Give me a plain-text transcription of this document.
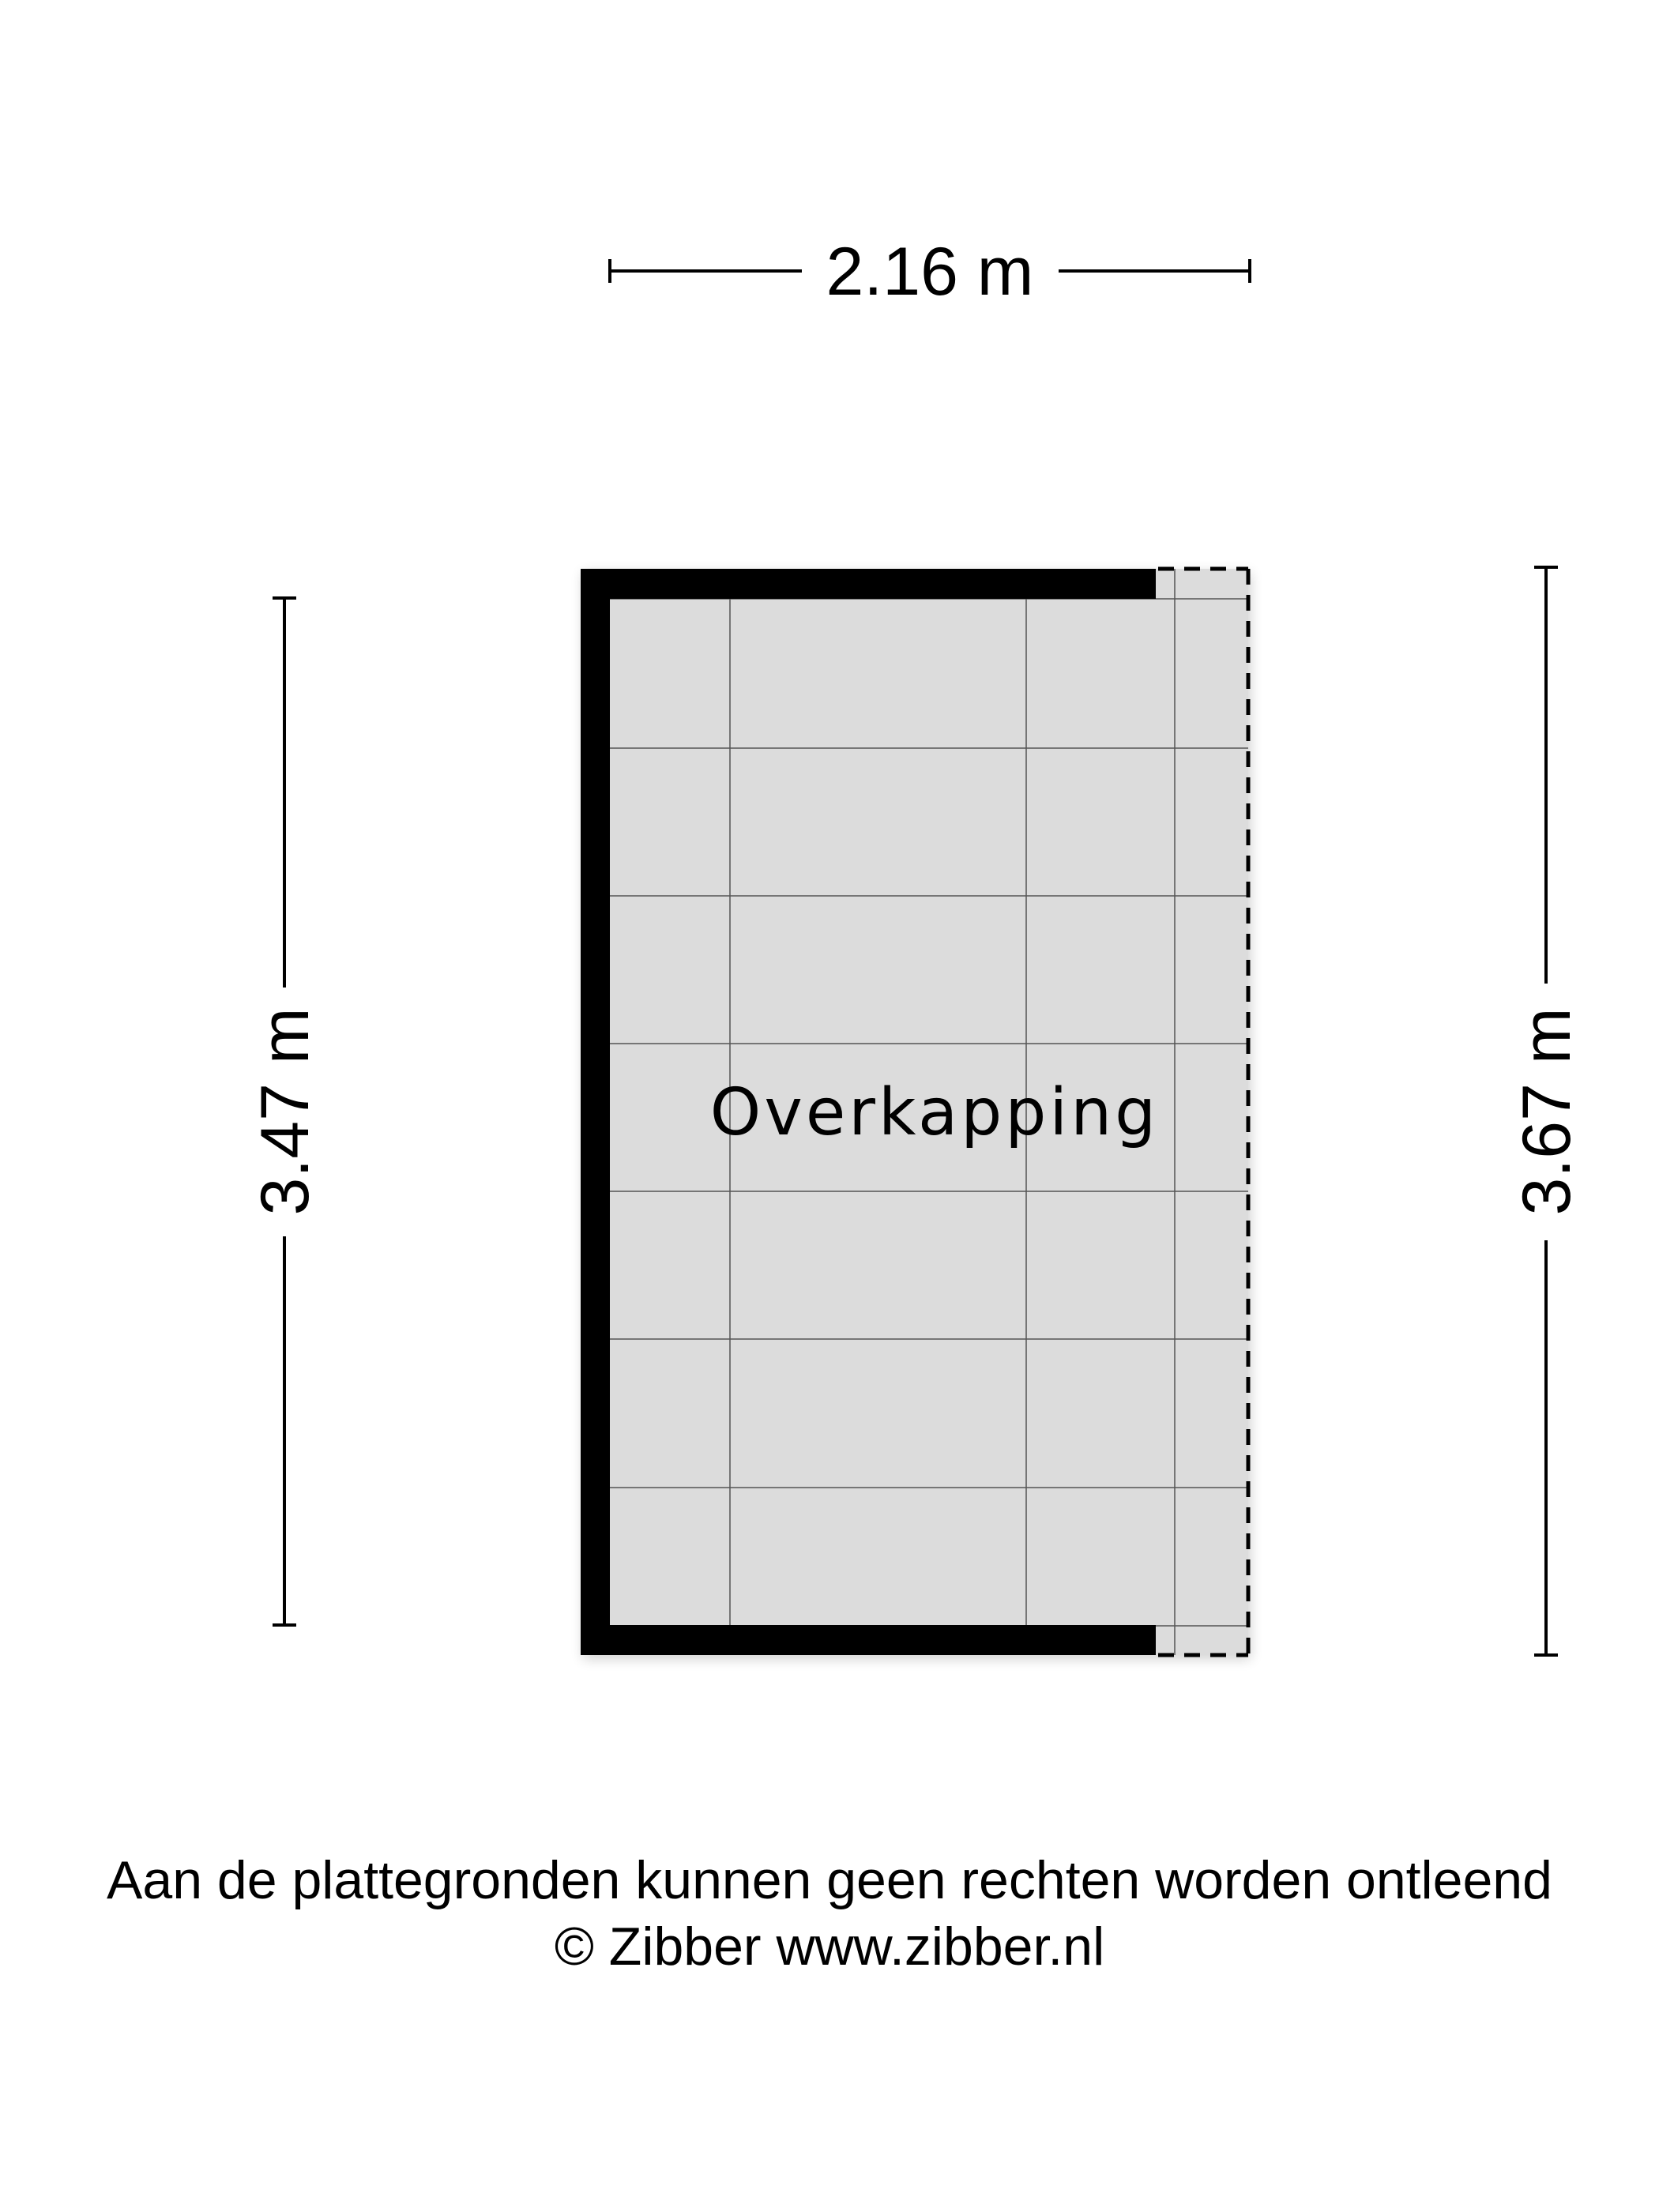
2.16 m
3.47 m	3.67 m
Overkapping
Aan de plattegronden kunnen geen rechten worden ontleend
© Zibber www.zibber.nl
